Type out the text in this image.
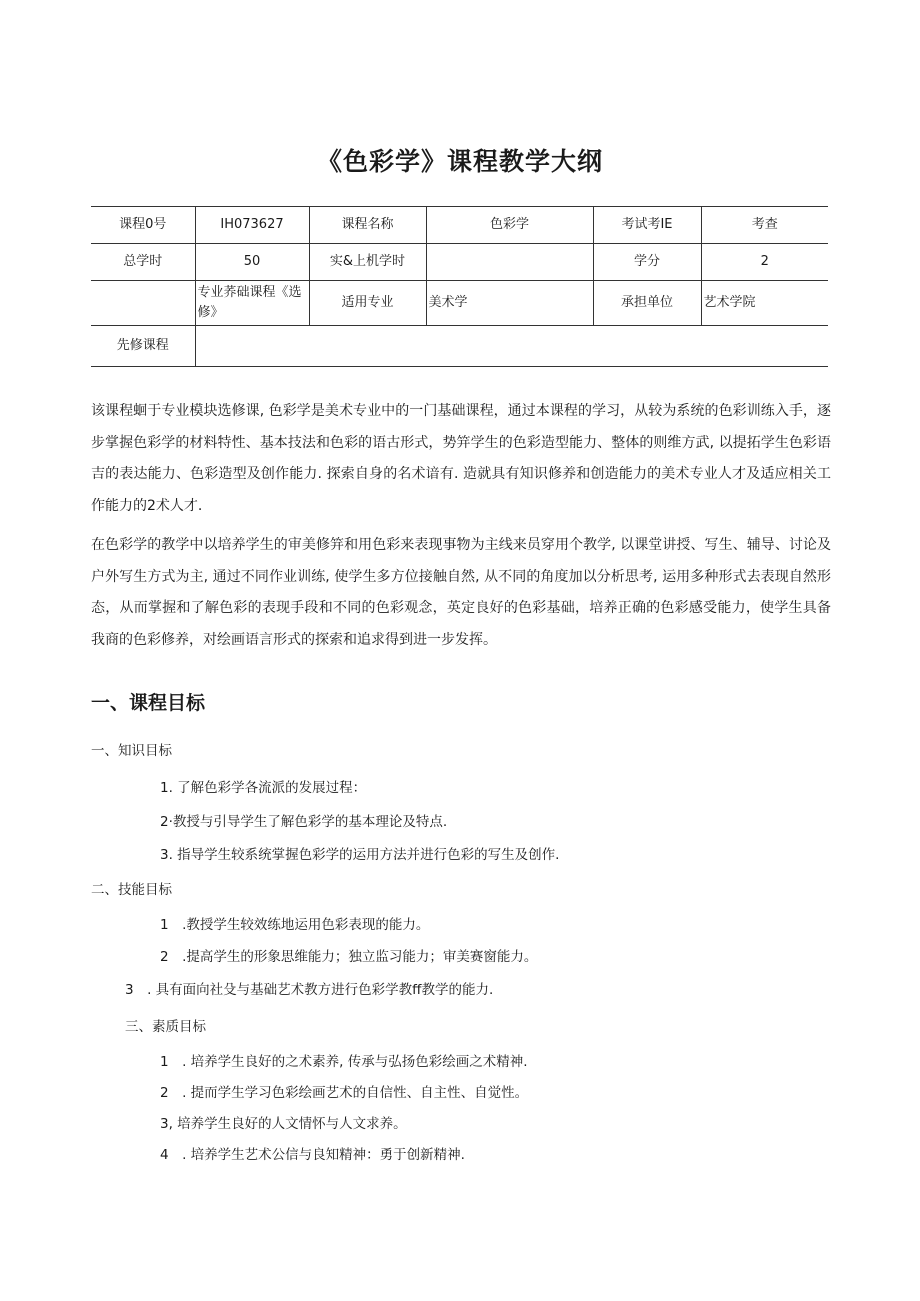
《色彩学》课程教学大纲
课程0号	IH073627	课程名称	色彩学	考试考IE	考查
总学时	50	实&上机学时		学分	2
	专业荞础课程《选修》	适用专业	美术学	承担单位	艺术学院
先修课程					

该课程蛔于专业模块选修课, 色彩学是美术专业中的一门基础课程，通过本课程的学习，从较为系统的色彩训练入手，逐步掌握色彩学的材料特性、基本技法和色彩的语古形式，势笄学生的色彩造型能力、整体的则维方武, 以提拓学生色彩语吉的表达能力、色彩造型及创作能力. 探索自身的名术谙有. 造就具有知识修养和创造能力的美术专业人才及适应相关工作能力的2术人才.

在色彩学的教学中以培养学生的审美修笄和用色彩来表现事物为主线来员穿用个教学, 以课堂讲授、写生、辅导、讨论及户外写生方式为主, 通过不同作业训练, 使学生多方位接触自然, 从不同的角度加以分析思考, 运用多种形式去表现自然形态，从而掌握和了解色彩的表现手段和不同的色彩观念，英定良好的色彩基础，培养正确的色彩感受能力，使学生具备我商的色彩修养，对绘画语言形式的探索和追求得到进一步发挥。

一、课程目标
一、知识目标
1. 了解色彩学各流派的发展过程：
2·教授与引导学生了解色彩学的基本理论及特点.
3. 指导学生较系统掌握色彩学的运用方法并进行色彩的写生及创作.
二、技能目标
1　.教授学生较效练地运用色彩表现的能力。
2　.提高学生的形象思维能力；独立监习能力；审美赛窗能力。
3　. 具有面向社殳与基础艺术教方进行色彩学教ff教学的能力.
三、素质目标
1　. 培养学生良好的之术素养, 传承与弘扬色彩绘画之术精神.
2　. 提而学生学习色彩绘画艺术的自信性、自主性、自觉性。
3, 培养学生良好的人文情怀与人文求养。
4　. 培养学生艺术公信与良知精神：勇于创新精神.
